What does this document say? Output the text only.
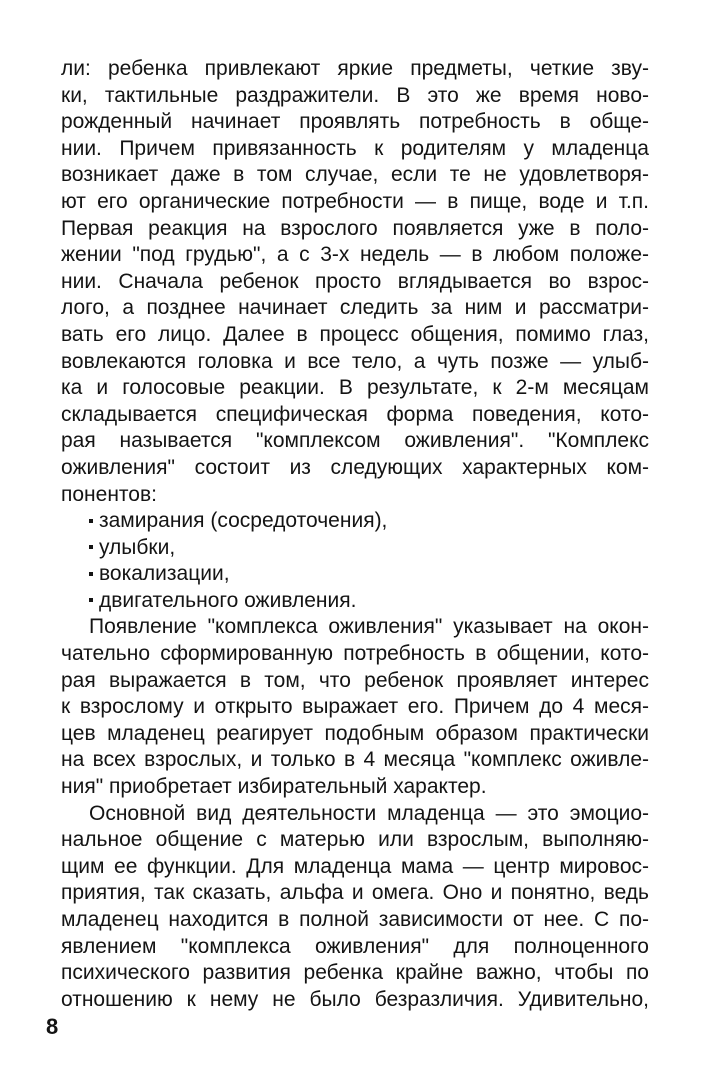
ли: ребенка привлекают яркие предметы, четкие зву-
ки, тактильные раздражители. В это же время ново-
рожденный начинает проявлять потребность в обще-
нии. Причем привязанность к родителям у младенца
возникает даже в том случае, если те не удовлетворя-
ют его органические потребности — в пище, воде и т.п.
Первая реакция на взрослого появляется уже в поло-
жении "под грудью", а с 3-х недель — в любом положе-
нии. Сначала ребенок просто вглядывается во взрос-
лого, а позднее начинает следить за ним и рассматри-
вать его лицо. Далее в процесс общения, помимо глаз,
вовлекаются головка и все тело, а чуть позже — улыб-
ка и голосовые реакции. В результате, к 2-м месяцам
складывается специфическая форма поведения, кото-
рая называется "комплексом оживления". "Комплекс
оживления" состоит из следующих характерных ком-
понентов:
замирания (сосредоточения),
улыбки,
вокализации,
двигательного оживления.
Появление "комплекса оживления" указывает на окон-
чательно сформированную потребность в общении, кото-
рая выражается в том, что ребенок проявляет интерес
к взрослому и открыто выражает его. Причем до 4 меся-
цев младенец реагирует подобным образом практически
на всех взрослых, и только в 4 месяца "комплекс оживле-
ния" приобретает избирательный характер.
Основной вид деятельности младенца — это эмоцио-
нальное общение с матерью или взрослым, выполняю-
щим ее функции. Для младенца мама — центр мировос-
приятия, так сказать, альфа и омега. Оно и понятно, ведь
младенец находится в полной зависимости от нее. С по-
явлением "комплекса оживления" для полноценного
психического развития ребенка крайне важно, чтобы по
отношению к нему не было безразличия. Удивительно,
8
